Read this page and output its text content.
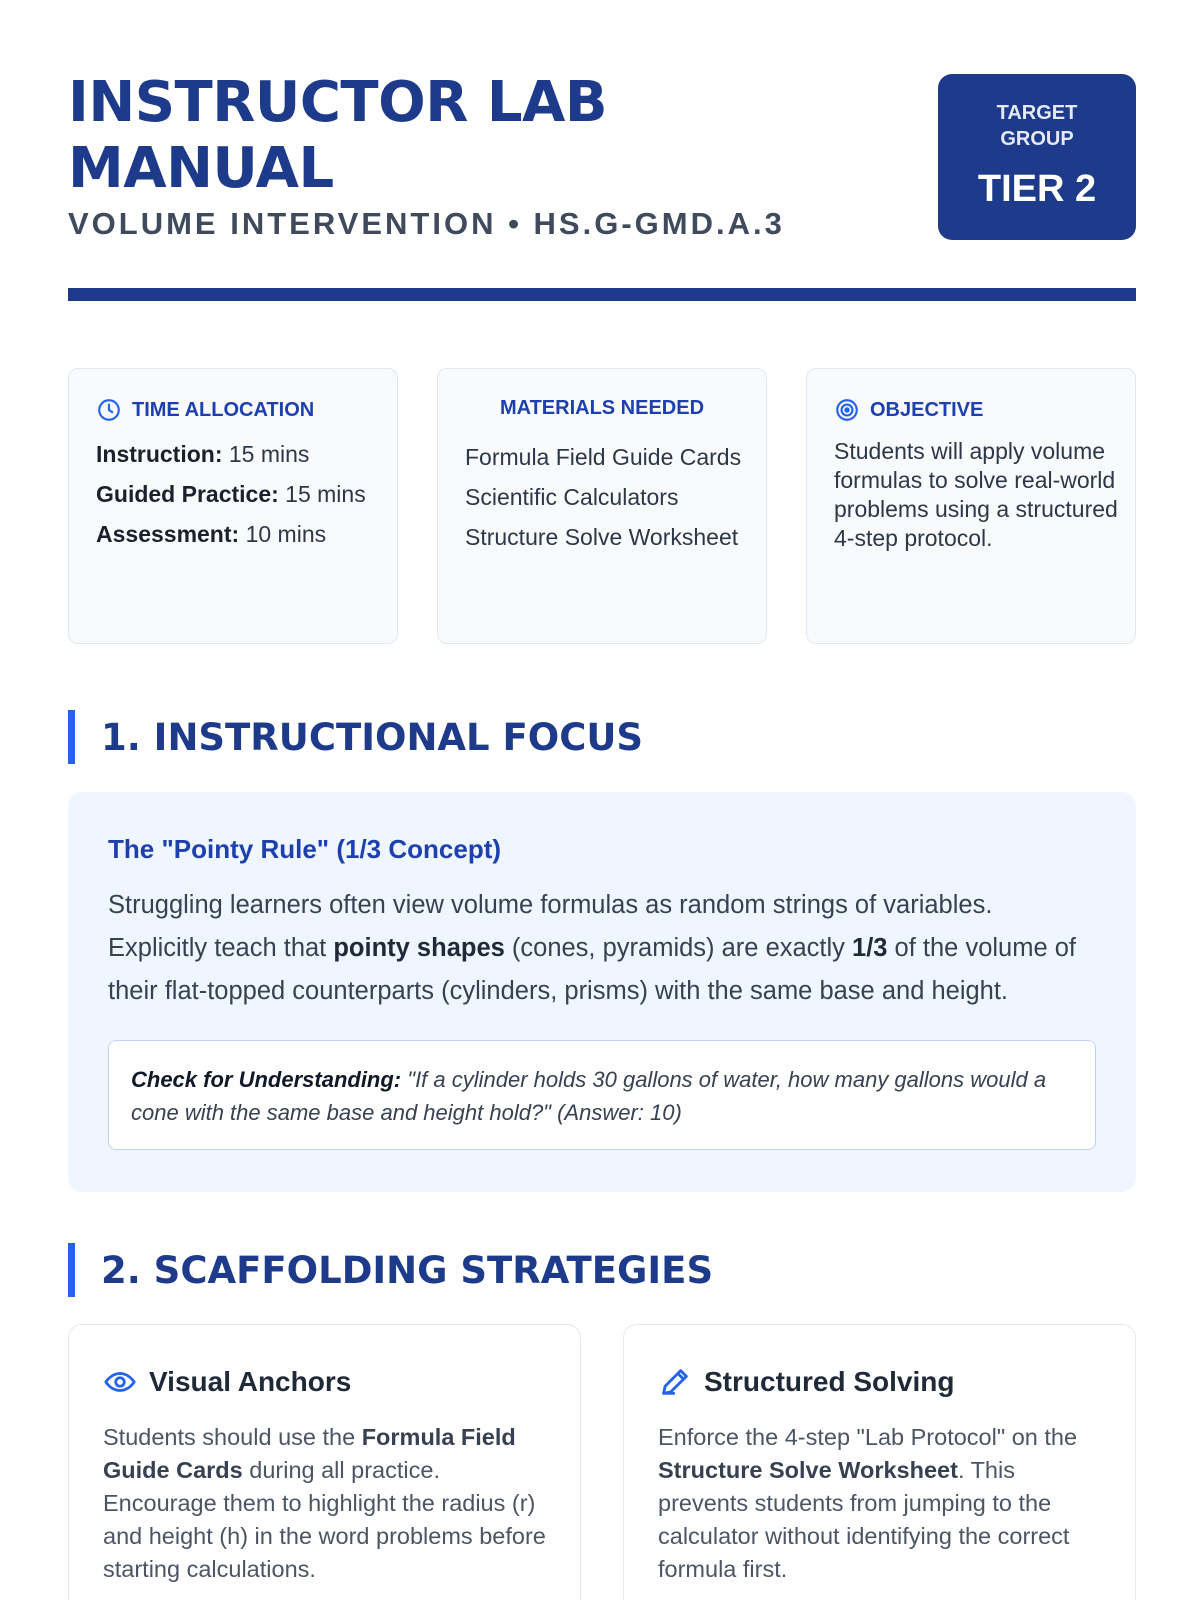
INSTRUCTOR LAB MANUAL
VOLUME INTERVENTION • HS.G-GMD.A.3
TARGET GROUP
TIER 2
TIME ALLOCATION
Instruction: 15 mins
Guided Practice: 15 mins
Assessment: 10 mins
MATERIALS NEEDED
Formula Field Guide Cards
Scientific Calculators
Structure Solve Worksheet
OBJECTIVE
Students will apply volume formulas to solve real-world problems using a structured 4-step protocol.
1. INSTRUCTIONAL FOCUS
The "Pointy Rule" (1/3 Concept)

Struggling learners often view volume formulas as random strings of variables. Explicitly teach that pointy shapes (cones, pyramids) are exactly 1/3 of the volume of their flat-topped counterparts (cylinders, prisms) with the same base and height.

Check for Understanding: "If a cylinder holds 30 gallons of water, how many gallons would a cone with the same base and height hold?" (Answer: 10)
2. SCAFFOLDING STRATEGIES
Visual Anchors

Students should use the Formula Field Guide Cards during all practice. Encourage them to highlight the radius (r) and height (h) in the word problems before starting calculations.

Structured Solving

Enforce the 4-step "Lab Protocol" on the Structure Solve Worksheet. This prevents students from jumping to the calculator without identifying the correct formula first.
